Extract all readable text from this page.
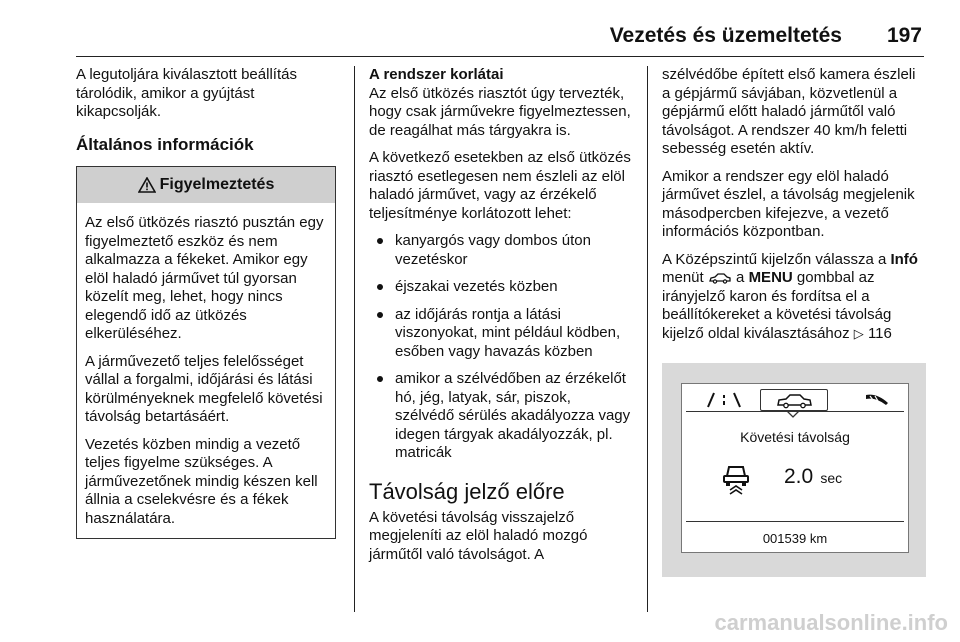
Vezetés és üzemeltetés 197

A legutoljára kiválasztott beállítás tárolódik, amikor a gyújtást kikapcsolják.

Általános információk

Figyelmeztetés

Az első ütközés riasztó pusztán egy figyelmeztető eszköz és nem alkalmazza a fékeket. Amikor egy elöl haladó járművet túl gyorsan közelít meg, lehet, hogy nincs elegendő idő az ütközés elkerüléséhez.

A járművezető teljes felelősséget vállal a forgalmi, időjárási és látási körülményeknek megfelelő követési távolság betartásáért.

Vezetés közben mindig a vezető teljes figyelme szükséges. A járművezetőnek mindig készen kell állnia a cselekvésre és a fékek használatára.

A rendszer korlátai

Az első ütközés riasztót úgy tervezték, hogy csak járművekre figyelmeztessen, de reagálhat más tárgyakra is.

A következő esetekben az első ütközés riasztó esetlegesen nem észleli az elöl haladó járművet, vagy az érzékelő teljesítménye korlátozott lehet:

kanyargós vagy dombos úton vezetéskor
éjszakai vezetés közben
az időjárás rontja a látási viszonyokat, mint például ködben, esőben vagy havazás közben
amikor a szélvédőben az érzékelőt hó, jég, latyak, sár, piszok, szélvédő sérülés akadályozza vagy idegen tárgyak akadályozzák, pl. matricák

Távolság jelző előre

A követési távolság visszajelző megjeleníti az elöl haladó mozgó járműtől való távolságot. A

szélvédőbe épített első kamera észleli a gépjármű sávjában, közvetlenül a gépjármű előtt haladó járműtől való távolságot. A rendszer 40 km/h feletti sebesség esetén aktív.

Amikor a rendszer egy elöl haladó járművet észlel, a távolság megjelenik másodpercben kifejezve, a vezető információs központban.

A Középszintű kijelzőn válassza a Infó menüt a MENU gombbal az irányjelző karon és fordítsa el a beállítókereket a követési távolság kijelző oldal kiválasztásához ▷ 116

Követési távolság
2.0 sec
001539 km
carmanualsonline.info
